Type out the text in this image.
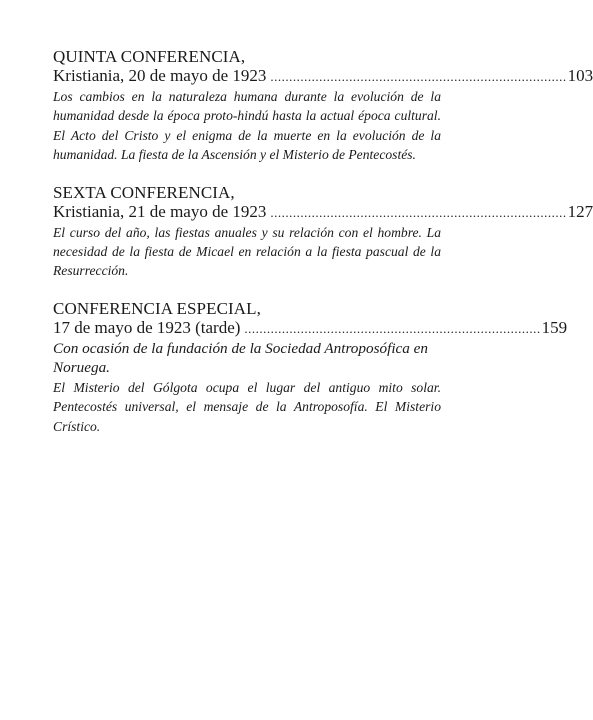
QUINTA CONFERENCIA,
Kristiania, 20 de mayo de 1923 ............................................................................... 103
Los cambios en la naturaleza humana durante la evolución de la humanidad desde la época proto-hindú hasta la actual época cultural. El Acto del Cristo y el enigma de la muerte en la evolución de la humanidad. La fiesta de la Ascensión y el Misterio de Pentecostés.
SEXTA CONFERENCIA,
Kristiania, 21 de mayo de 1923 ............................................................................... 127
El curso del año, las fiestas anuales y su relación con el hombre. La necesidad de la fiesta de Micael en relación a la fiesta pascual de la Resurrección.
CONFERENCIA ESPECIAL,
17 de mayo de 1923 (tarde) ............................................................................... 159
Con ocasión de la fundación de la Sociedad Antroposófica en Noruega.
El Misterio del Gólgota ocupa el lugar del antiguo mito solar. Pentecostés universal, el mensaje de la Antroposofía. El Misterio Crístico.
